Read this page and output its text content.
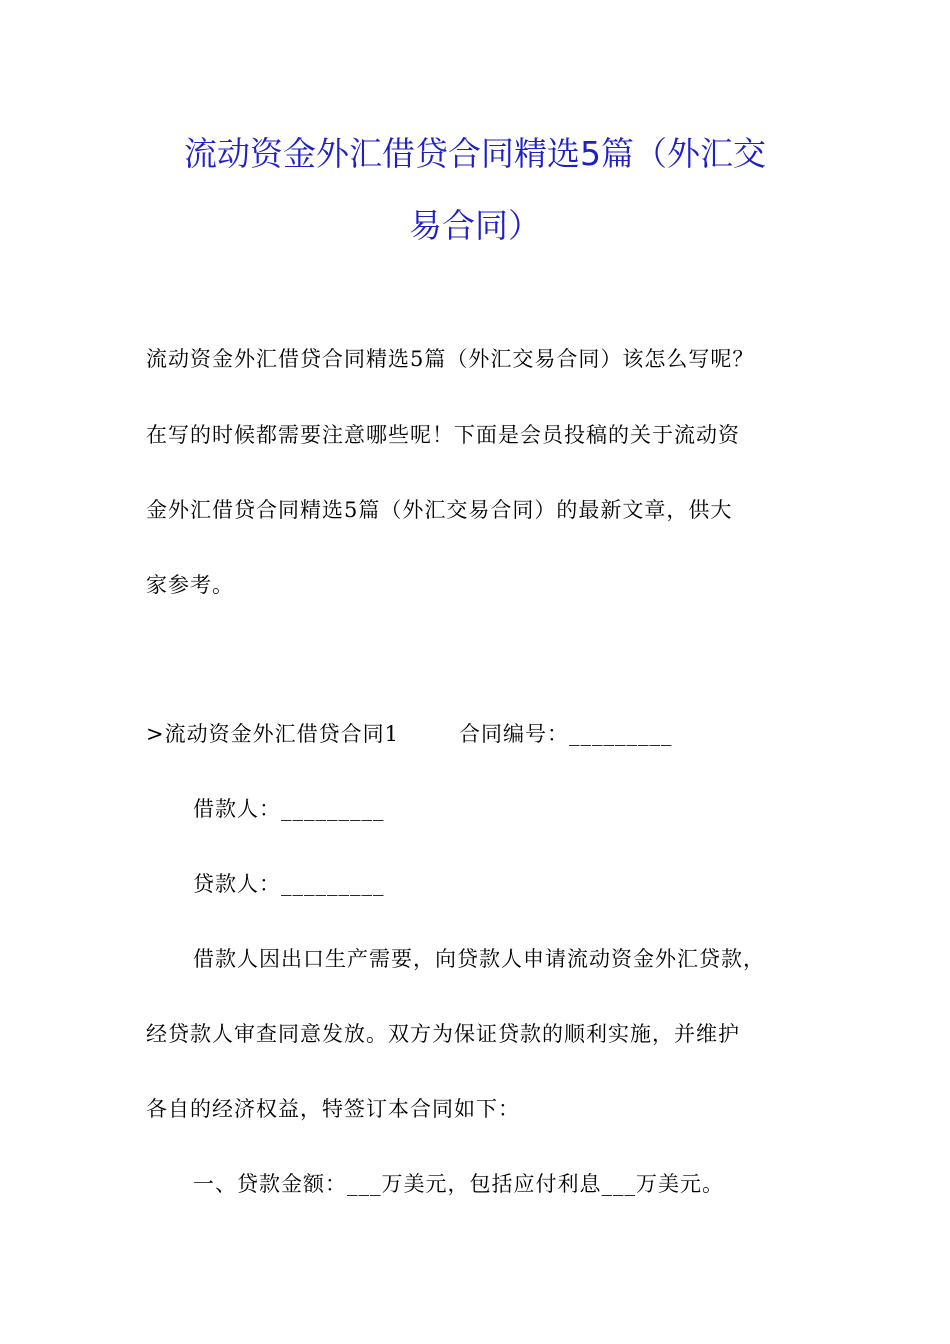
流动资金外汇借贷合同精选5篇（外汇交
易合同）
流动资金外汇借贷合同精选5篇（外汇交易合同）该怎么写呢？
在写的时候都需要注意哪些呢！下面是会员投稿的关于流动资
金外汇借贷合同精选5篇（外汇交易合同）的最新文章，供大
家参考。
>流动资金外汇借贷合同1	合同编号：_________
借款人：_________
贷款人：_________
借款人因出口生产需要，向贷款人申请流动资金外汇贷款，
经贷款人审查同意发放。双方为保证贷款的顺利实施，并维护
各自的经济权益，特签订本合同如下：
一、贷款金额：___万美元，包括应付利息___万美元。
